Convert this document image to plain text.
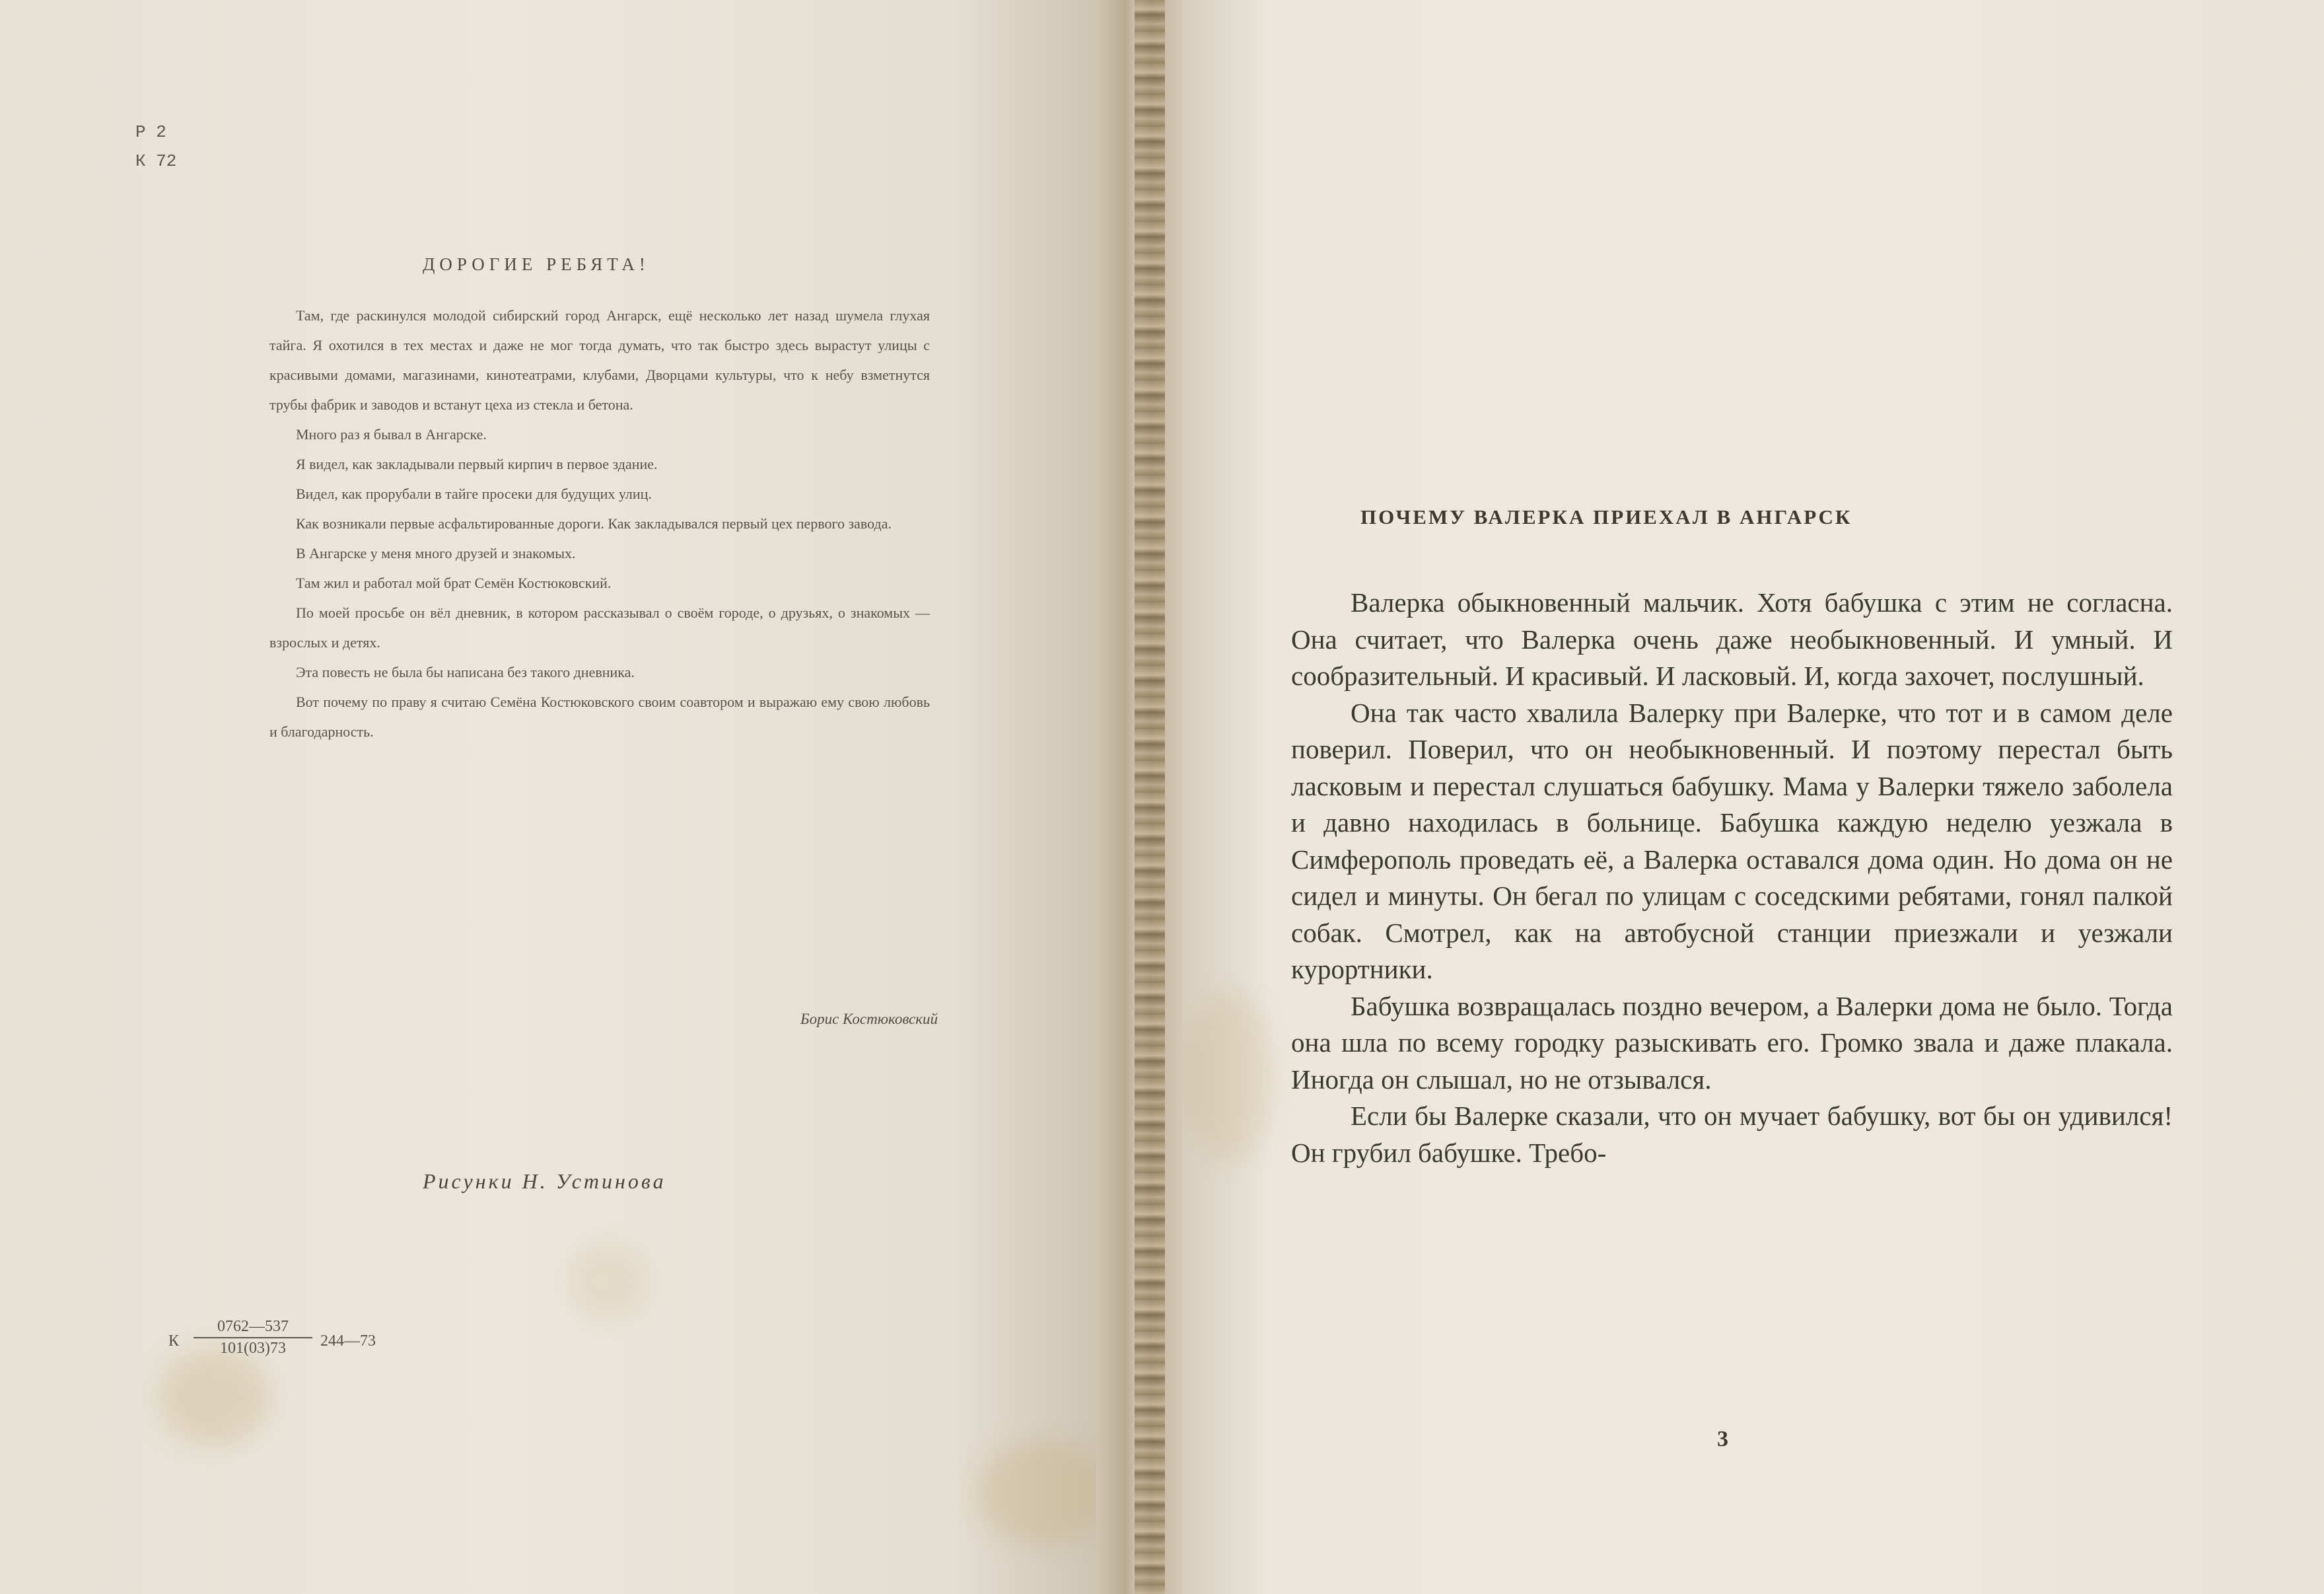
Р 2
К 72
ДОРОГИЕ РЕБЯТА!

Там, где раскинулся молодой сибирский город Ангарск, ещё несколько лет назад шумела глухая тайга. Я охотился в тех местах и даже не мог тогда думать, что так быстро здесь вырастут улицы с красивыми домами, магазинами, кинотеатрами, клубами, Дворцами культуры, что к небу взметнутся трубы фабрик и заводов и встанут цеха из стекла и бетона.

Много раз я бывал в Ангарске.

Я видел, как закладывали первый кирпич в первое здание.

Видел, как прорубали в тайге просеки для будущих улиц.

Как возникали первые асфальтированные дороги. Как закладывался первый цех первого завода.

В Ангарске у меня много друзей и знакомых.

Там жил и работал мой брат Семён Костюковский.

По моей просьбе он вёл дневник, в котором рассказывал о своём городе, о друзьях, о знакомых — взрослых и детях.

Эта повесть не была бы написана без такого дневника.

Вот почему по праву я считаю Семёна Костюковского своим соавтором и выражаю ему свою любовь и благодарность.

Борис Костюковский
Рисунки Н. Устинова
К $\frac{0762—537}{101(03)73}$ 244—73
ПОЧЕМУ ВАЛЕРКА ПРИЕХАЛ В АНГАРСК

Валерка обыкновенный мальчик. Хотя бабушка с этим не согласна. Она считает, что Валерка очень даже необыкновенный. И умный. И сообразительный. И красивый. И ласковый. И, когда захочет, послушный.

Она так часто хвалила Валерку при Валерке, что тот и в самом деле поверил. Поверил, что он необыкновенный. И поэтому перестал быть ласковым и перестал слушаться бабушку. Мама у Валерки тяжело заболела и давно находилась в больнице. Бабушка каждую неделю уезжала в Симферополь проведать её, а Валерка оставался дома один. Но дома он не сидел и минуты. Он бегал по улицам с соседскими ребятами, гонял палкой собак. Смотрел, как на автобусной станции приезжали и уезжали курортники.

Бабушка возвращалась поздно вечером, а Валерки дома не было. Тогда она шла по всему городку разыскивать его. Громко звала и даже плакала. Иногда он слышал, но не отзывался.

Если бы Валерке сказали, что он мучает бабушку, вот бы он удивился! Он грубил бабушке. Требо-

3
